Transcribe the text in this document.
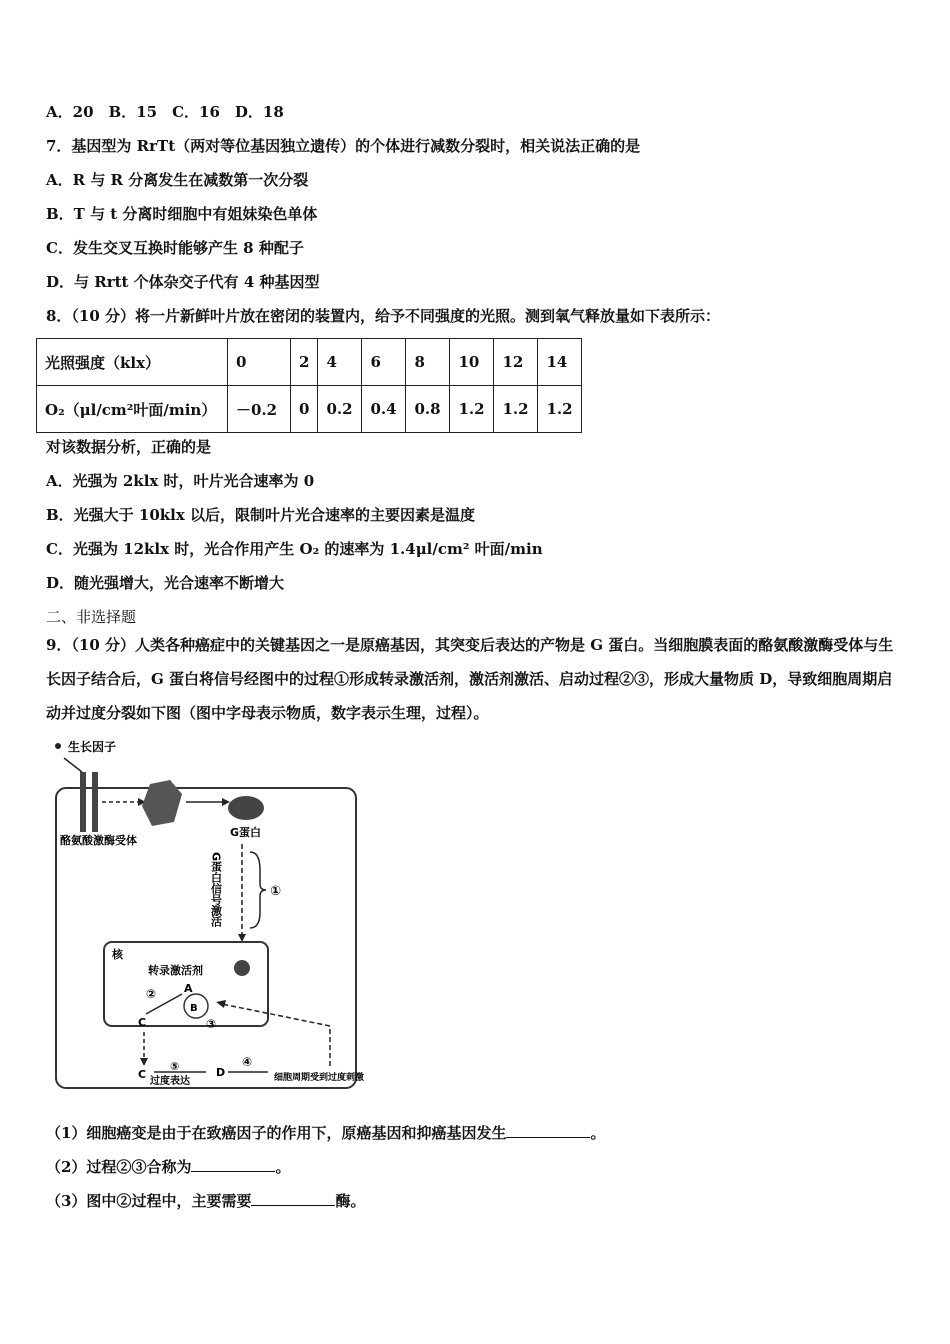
A．20　B．15　C．16　D．18
7．基因型为 RrTt（两对等位基因独立遗传）的个体进行减数分裂时，相关说法正确的是
A．R 与 R 分离发生在减数第一次分裂
B．T 与 t 分离时细胞中有姐妹染色单体
C．发生交叉互换时能够产生 8 种配子
D．与 Rrtt 个体杂交子代有 4 种基因型
8．（10 分）将一片新鲜叶片放在密闭的装置内，给予不同强度的光照。测到氧气释放量如下表所示：
光照强度（klx）	0	2	4	6	8	10	12	14
O₂（μl/cm²叶面/min）	－0.2	0	0.2	0.4	0.8	1.2	1.2	1.2
对该数据分析，正确的是
A．光强为 2klx 时，叶片光合速率为 0
B．光强大于 10klx 以后，限制叶片光合速率的主要因素是温度
C．光强为 12klx 时，光合作用产生 O₂ 的速率为 1.4μl/cm² 叶面/min
D．随光强增大，光合速率不断增大
二、非选择题
9．（10 分）人类各种癌症中的关键基因之一是原癌基因，其突变后表达的产物是 G 蛋白。当细胞膜表面的酪氨酸激酶受体与生长因子结合后，G 蛋白将信号经图中的过程①形成转录激活剂，激活剂激活、启动过程②③，形成大量物质 D，导致细胞周期启动并过度分裂如下图（图中字母表示物质，数字表示生理，过程）。
生长因子
酪氨酸激酶受体
G蛋白
G蛋白信号激活	①
核
转录激活剂
A
B
②
③
C
C
⑤
过度表达
D
④
细胞周期受到过度刺激
（1）细胞癌变是由于在致癌因子的作用下，原癌基因和抑癌基因发生	。
（2）过程②③合称为	。
（3）图中②过程中，主要需要	酶。
